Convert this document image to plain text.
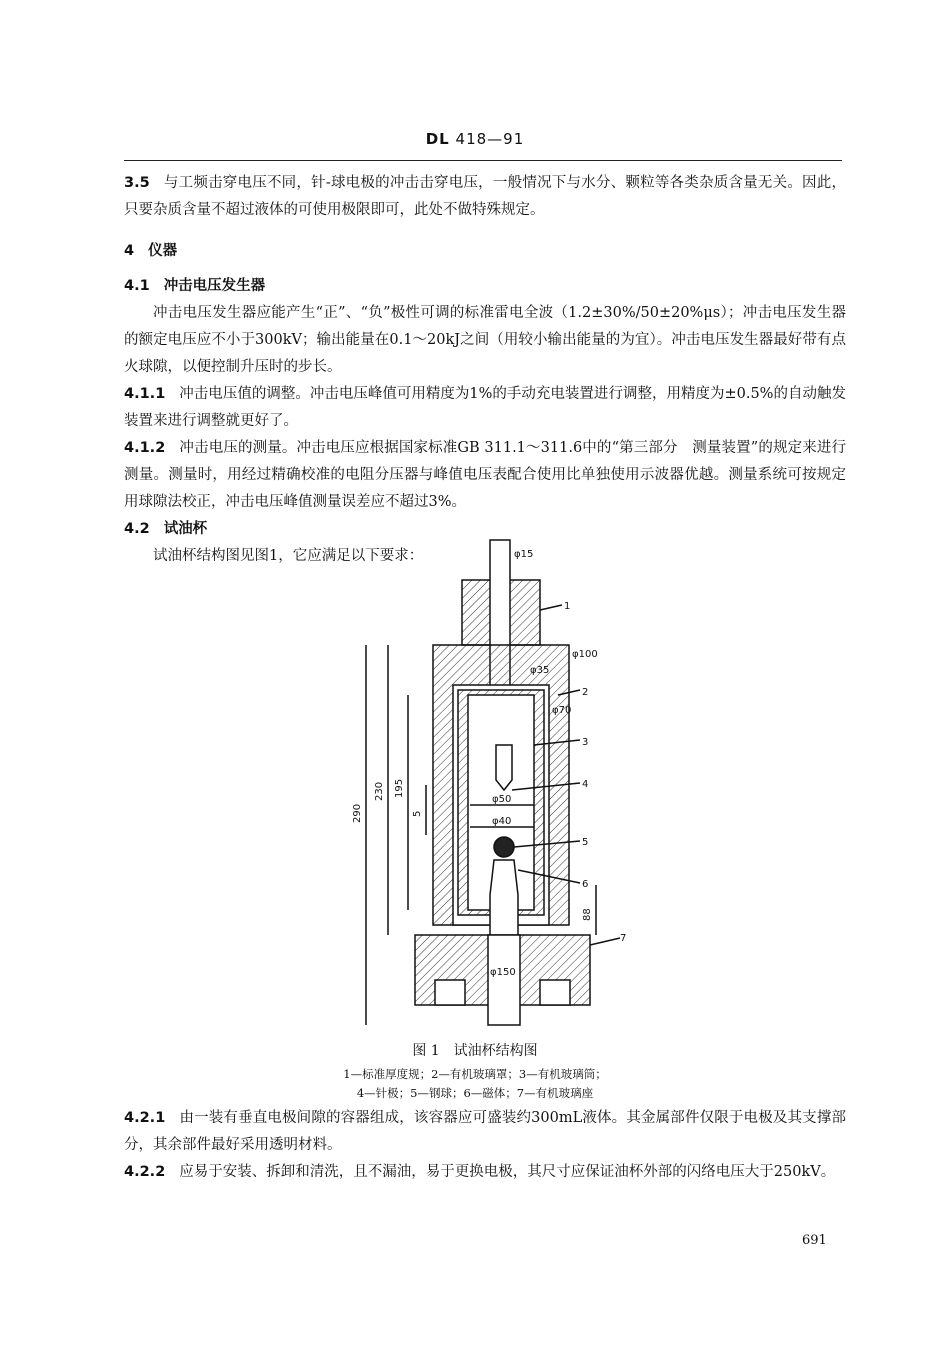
DL 418—91

3.5 与工频击穿电压不同，针-球电极的冲击击穿电压，一般情况下与水分、颗粒等各类杂质含量无关。因此，只要杂质含量不超过液体的可使用极限即可，此处不做特殊规定。

4 仪器

4.1 冲击电压发生器

冲击电压发生器应能产生“正”、“负”极性可调的标准雷电全波（1.2±30%/50±20%μs）；冲击电压发生器的额定电压应不小于300kV；输出能量在0.1～20kJ之间（用较小输出能量的为宜）。冲击电压发生器最好带有点火球隙，以便控制升压时的步长。

4.1.1 冲击电压值的调整。冲击电压峰值可用精度为1%的手动充电装置进行调整，用精度为±0.5%的自动触发装置来进行调整就更好了。

4.1.2 冲击电压的测量。冲击电压应根据国家标准GB 311.1～311.6中的“第三部分　测量装置”的规定来进行测量。测量时，用经过精确校准的电阻分压器与峰值电压表配合使用比单独使用示波器优越。测量系统可按规定用球隙法校正，冲击电压峰值测量误差应不超过3%。

4.2 试油杯

试油杯结构图见图1，它应满足以下要求：	φ15
φ100
φ35
φ70
φ50
φ40
φ150
290
230 195
5
88
1
2
3
4
5
6
7
图 1　试油杯结构图
1—标准厚度规；2—有机玻璃罩；3—有机玻璃筒；
4—针极；5—钢球；6—磁体；7—有机玻璃座

4.2.1 由一装有垂直电极间隙的容器组成，该容器应可盛装约300mL液体。其金属部件仅限于电极及其支撑部分，其余部件最好采用透明材料。

4.2.2 应易于安装、拆卸和清洗，且不漏油，易于更换电极，其尺寸应保证油杯外部的闪络电压大于250kV。

691
